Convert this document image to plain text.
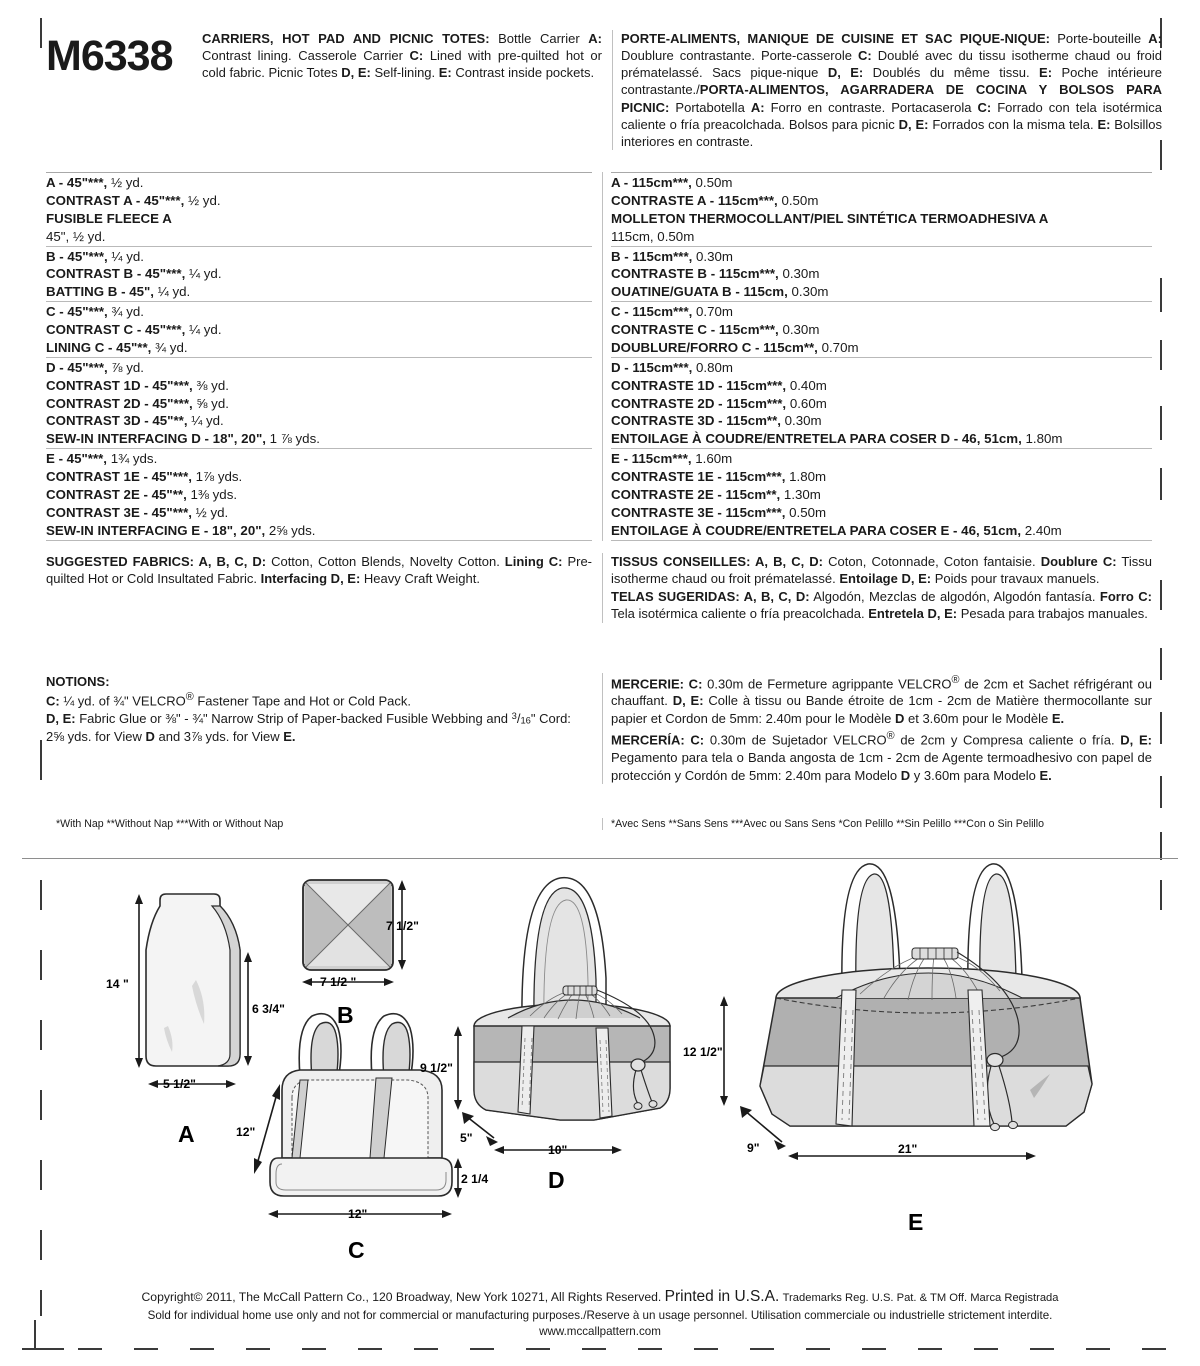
M6338	CARRIERS, HOT PAD AND PICNIC TOTES: Bottle Carrier A: Contrast lining. Casserole Carrier C: Lined with pre-quilted hot or cold fabric. Picnic Totes D, E: Self-lining. E: Contrast inside pockets.
PORTE-ALIMENTS, MANIQUE DE CUISINE ET SAC PIQUE-NIQUE: Porte-bouteille A: Doublure contrastante. Porte-casserole C: Doublé avec du tissu isotherme chaud ou froid prématelassé. Sacs pique-nique D, E: Doublés du même tissu. E: Poche intérieure contrastante./PORTA-ALIMENTOS, AGARRADERA DE COCINA Y BOLSOS PARA PICNIC: Portabotella A: Forro en contraste. Portacaserola C: Forrado con tela isotérmica caliente o fría preacolchada. Bolsos para picnic D, E: Forrados con la misma tela. E: Bolsillos interiores en contraste.
A - 45"***, ½ yd.
CONTRAST A - 45"***, ½ yd.
FUSIBLE FLEECE A
45", ½ yd.
B - 45"***, ¼ yd.
CONTRAST B - 45"***, ¼ yd.
BATTING B - 45", ¼ yd.
C - 45"***, ¾ yd.
CONTRAST C - 45"***, ¼ yd.
LINING C - 45"**, ¾ yd.
D - 45"***, ⅞ yd.
CONTRAST 1D - 45"***, ⅜ yd.
CONTRAST 2D - 45"***, ⅝ yd.
CONTRAST 3D - 45"**, ¼ yd.
SEW-IN INTERFACING D - 18", 20", 1 ⅞ yds.
E - 45"***, 1¾ yds.
CONTRAST 1E - 45"***, 1⅞ yds.
CONTRAST 2E - 45"**, 1⅜ yds.
CONTRAST 3E - 45"***, ½ yd.
SEW-IN INTERFACING E - 18", 20", 2⅝ yds.
A - 115cm***, 0.50m
CONTRASTE A - 115cm***, 0.50m
MOLLETON THERMOCOLLANT/PIEL SINTÉTICA TERMOADHESIVA A
115cm, 0.50m
B - 115cm***, 0.30m
CONTRASTE B - 115cm***, 0.30m
OUATINE/GUATA B - 115cm, 0.30m
C - 115cm***, 0.70m
CONTRASTE C - 115cm***, 0.30m
DOUBLURE/FORRO C - 115cm**, 0.70m
D - 115cm***, 0.80m
CONTRASTE 1D - 115cm***, 0.40m
CONTRASTE 2D - 115cm***, 0.60m
CONTRASTE 3D - 115cm**, 0.30m
ENTOILAGE À COUDRE/ENTRETELA PARA COSER D - 46, 51cm, 1.80m
E - 115cm***, 1.60m
CONTRASTE 1E - 115cm***, 1.80m
CONTRASTE 2E - 115cm**, 1.30m
CONTRASTE 3E - 115cm***, 0.50m
ENTOILAGE À COUDRE/ENTRETELA PARA COSER E - 46, 51cm, 2.40m
SUGGESTED FABRICS: A, B, C, D: Cotton, Cotton Blends, Novelty Cotton. Lining C: Pre-quilted Hot or Cold Insultated Fabric. Interfacing D, E: Heavy Craft Weight.
TISSUS CONSEILLES: A, B, C, D: Coton, Cotonnade, Coton fantaisie. Doublure C: Tissu isotherme chaud ou froit prématelassé. Entoilage D, E: Poids pour travaux manuels.
TELAS SUGERIDAS: A, B, C, D: Algodón, Mezclas de algodón, Algodón fantasía. Forro C: Tela isotérmica caliente o fría preacolchada. Entretela D, E: Pesada para trabajos manuales.
NOTIONS:
C: ¼ yd. of ¾" VELCRO® Fastener Tape and Hot or Cold Pack.
D, E: Fabric Glue or ⅜" - ¾" Narrow Strip of Paper-backed Fusible Webbing and $^3/_{16}$" Cord: 2⅝ yds. for View D and 3⅞ yds. for View E.
MERCERIE: C: 0.30m de Fermeture agrippante VELCRO® de 2cm et Sachet réfrigérant ou chauffant. D, E: Colle à tissu ou Bande étroite de 1cm - 2cm de Matière thermocollante sur papier et Cordon de 5mm: 2.40m pour le Modèle D et 3.60m pour le Modèle E.
MERCERÍA: C: 0.30m de Sujetador VELCRO® de 2cm y Compresa caliente o fría. D, E: Pegamento para tela o Banda angosta de 1cm - 2cm de Agente termoadhesivo con papel de protección y Cordón de 5mm: 2.40m para Modelo D y 3.60m para Modelo E.
*With Nap **Without Nap ***With or Without Nap	*Avec Sens **Sans Sens ***Avec ou Sans Sens *Con Pelillo **Sin Pelillo ***Con o Sin Pelillo
14 "
6 3/4"
5 1/2"
A
7 1/2"
7 1/2 "
B
12"
2 1/4
12"
C
9 1/2"
5"
10"
12 1/2"
9"	21"
E
D
Copyright© 2011, The McCall Pattern Co., 120 Broadway, New York 10271, All Rights Reserved. Printed in U.S.A. Trademarks Reg. U.S. Pat. & TM Off. Marca Registrada
Sold for individual home use only and not for commercial or manufacturing purposes./Reserve à un usage personnel. Utilisation commerciale ou industrielle strictement interdite.
www.mccallpattern.com
